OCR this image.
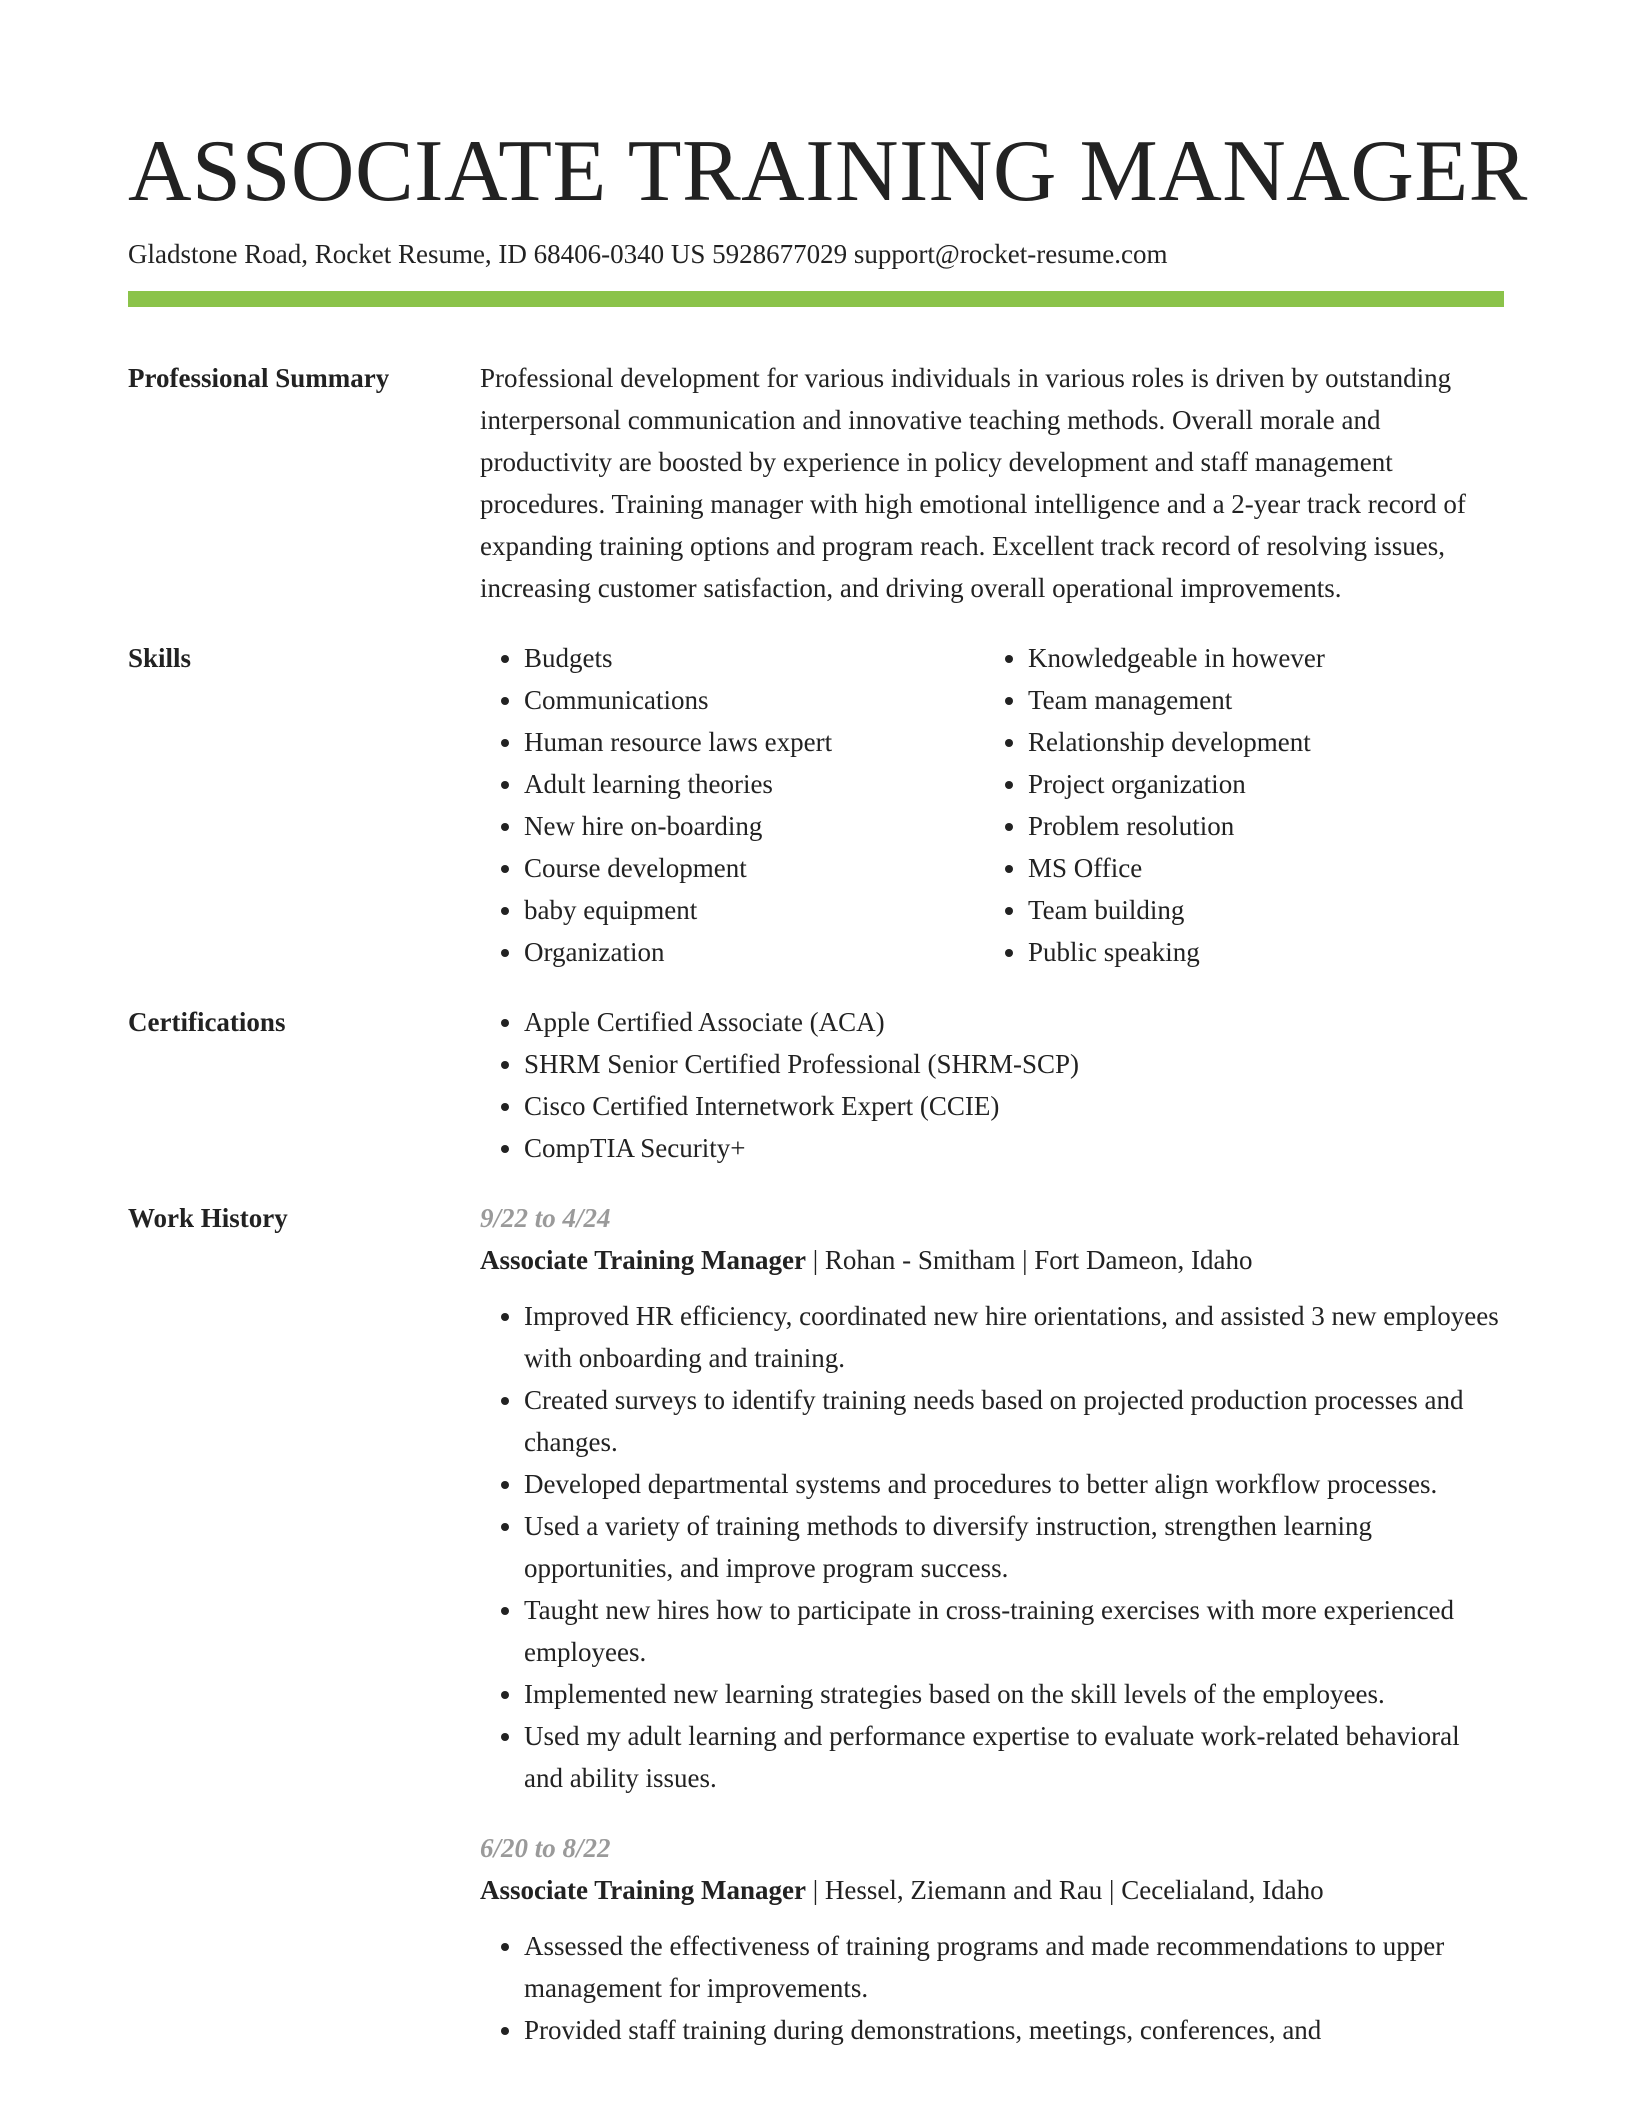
ASSOCIATE TRAINING MANAGER
Gladstone Road, Rocket Resume, ID 68406-0340 US 5928677029 support@rocket-resume.com
Professional Summary	Professional development for various individuals in various roles is driven by outstanding interpersonal communication and innovative teaching methods. Overall morale and productivity are boosted by experience in policy development and staff management procedures. Training manager with high emotional intelligence and a 2-year track record of expanding training options and program reach. Excellent track record of resolving issues, increasing customer satisfaction, and driving overall operational improvements.

Skills	• Budgets
• Communications
• Human resource laws expert
• Adult learning theories
• New hire on-boarding
• Course development
• baby equipment
• Organization
• Knowledgeable in however
• Team management
• Relationship development
• Project organization
• Problem resolution
• MS Office
• Team building
• Public speaking
Certifications	• Apple Certified Associate (ACA)
• SHRM Senior Certified Professional (SHRM-SCP)
• Cisco Certified Internetwork Expert (CCIE)
• CompTIA Security+
Work History	9/22 to 4/24
Associate Training Manager | Rohan - Smitham | Fort Dameon, Idaho
• Improved HR efficiency, coordinated new hire orientations, and assisted 3 new employees with onboarding and training.
• Created surveys to identify training needs based on projected production processes and changes.
• Developed departmental systems and procedures to better align workflow processes.
• Used a variety of training methods to diversify instruction, strengthen learning opportunities, and improve program success.
• Taught new hires how to participate in cross-training exercises with more experienced employees.
• Implemented new learning strategies based on the skill levels of the employees.
• Used my adult learning and performance expertise to evaluate work-related behavioral and ability issues.
6/20 to 8/22
Associate Training Manager | Hessel, Ziemann and Rau | Cecelialand, Idaho
• Assessed the effectiveness of training programs and made recommendations to upper management for improvements.
• Provided staff training during demonstrations, meetings, conferences, and
